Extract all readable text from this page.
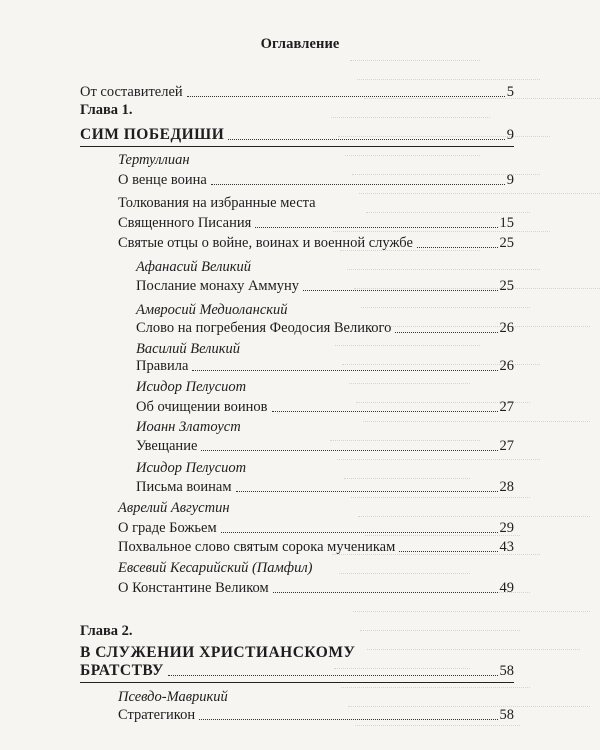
Оглавление
От составителей	5
Глава 1.
СИМ ПОБЕДИШИ	9
Тертуллиан
О венце воина	9
Толкования на избранные места
Священного Писания	15
Святые отцы о войне, воинах и военной службе	25
Афанасий Великий
Послание монаху Аммуну	25
Амвросий Медиоланский
Слово на погребения Феодосия Великого	26
Василий Великий
Правила	26
Исидор Пелусиот
Об очищении воинов	27
Иоанн Златоуст
Увещание	27
Исидор Пелусиот
Письма воинам	28
Аврелий Августин
О граде Божьем	29
Похвальное слово святым сорока мученикам	43
Евсевий Кесарийский (Памфил)
О Константине Великом	49
Глава 2.
В СЛУЖЕНИИ ХРИСТИАНСКОМУ
БРАТСТВУ	58
Псевдо-Маврикий
Стратегикон	58
